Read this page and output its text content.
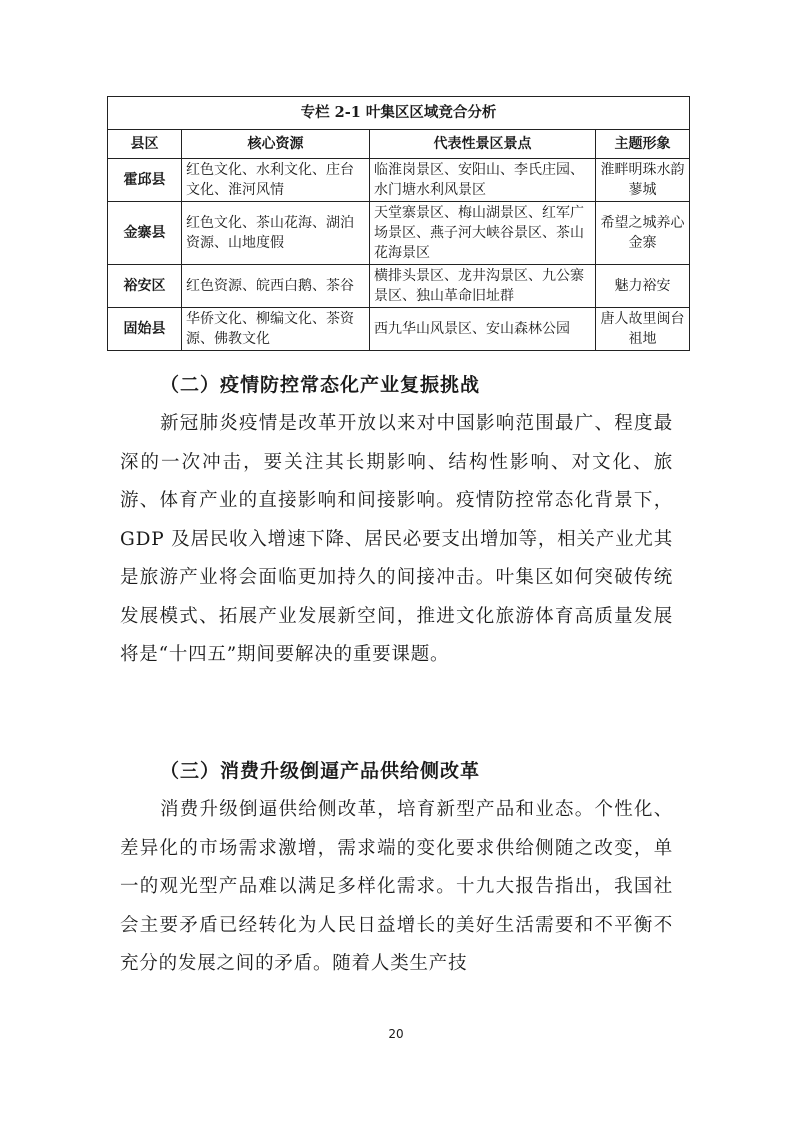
专栏 2-1 叶集区区域竞合分析			
县区	核心资源	代表性景区景点	主题形象
霍邱县	红色文化、水利文化、庄台文化、淮河风情	临淮岗景区、安阳山、李氏庄园、水门塘水利风景区	淮畔明珠水韵蓼城
金寨县	红色文化、茶山花海、湖泊资源、山地度假	天堂寨景区、梅山湖景区、红军广场景区、燕子河大峡谷景区、茶山花海景区	希望之城养心金寨
裕安区	红色资源、皖西白鹅、茶谷	横排头景区、龙井沟景区、九公寨景区、独山革命旧址群	魅力裕安
固始县	华侨文化、柳编文化、茶资源、佛教文化	西九华山风景区、安山森林公园	唐人故里闽台祖地
（二）疫情防控常态化产业复振挑战

新冠肺炎疫情是改革开放以来对中国影响范围最广、程度最深的一次冲击，要关注其长期影响、结构性影响、对文化、旅游、体育产业的直接影响和间接影响。疫情防控常态化背景下，GDP 及居民收入增速下降、居民必要支出增加等，相关产业尤其是旅游产业将会面临更加持久的间接冲击。叶集区如何突破传统发展模式、拓展产业发展新空间，推进文化旅游体育高质量发展将是“十四五”期间要解决的重要课题。

（三）消费升级倒逼产品供给侧改革

消费升级倒逼供给侧改革，培育新型产品和业态。个性化、差异化的市场需求激增，需求端的变化要求供给侧随之改变，单一的观光型产品难以满足多样化需求。十九大报告指出，我国社会主要矛盾已经转化为人民日益增长的美好生活需要和不平衡不充分的发展之间的矛盾。随着人类生产技

20
